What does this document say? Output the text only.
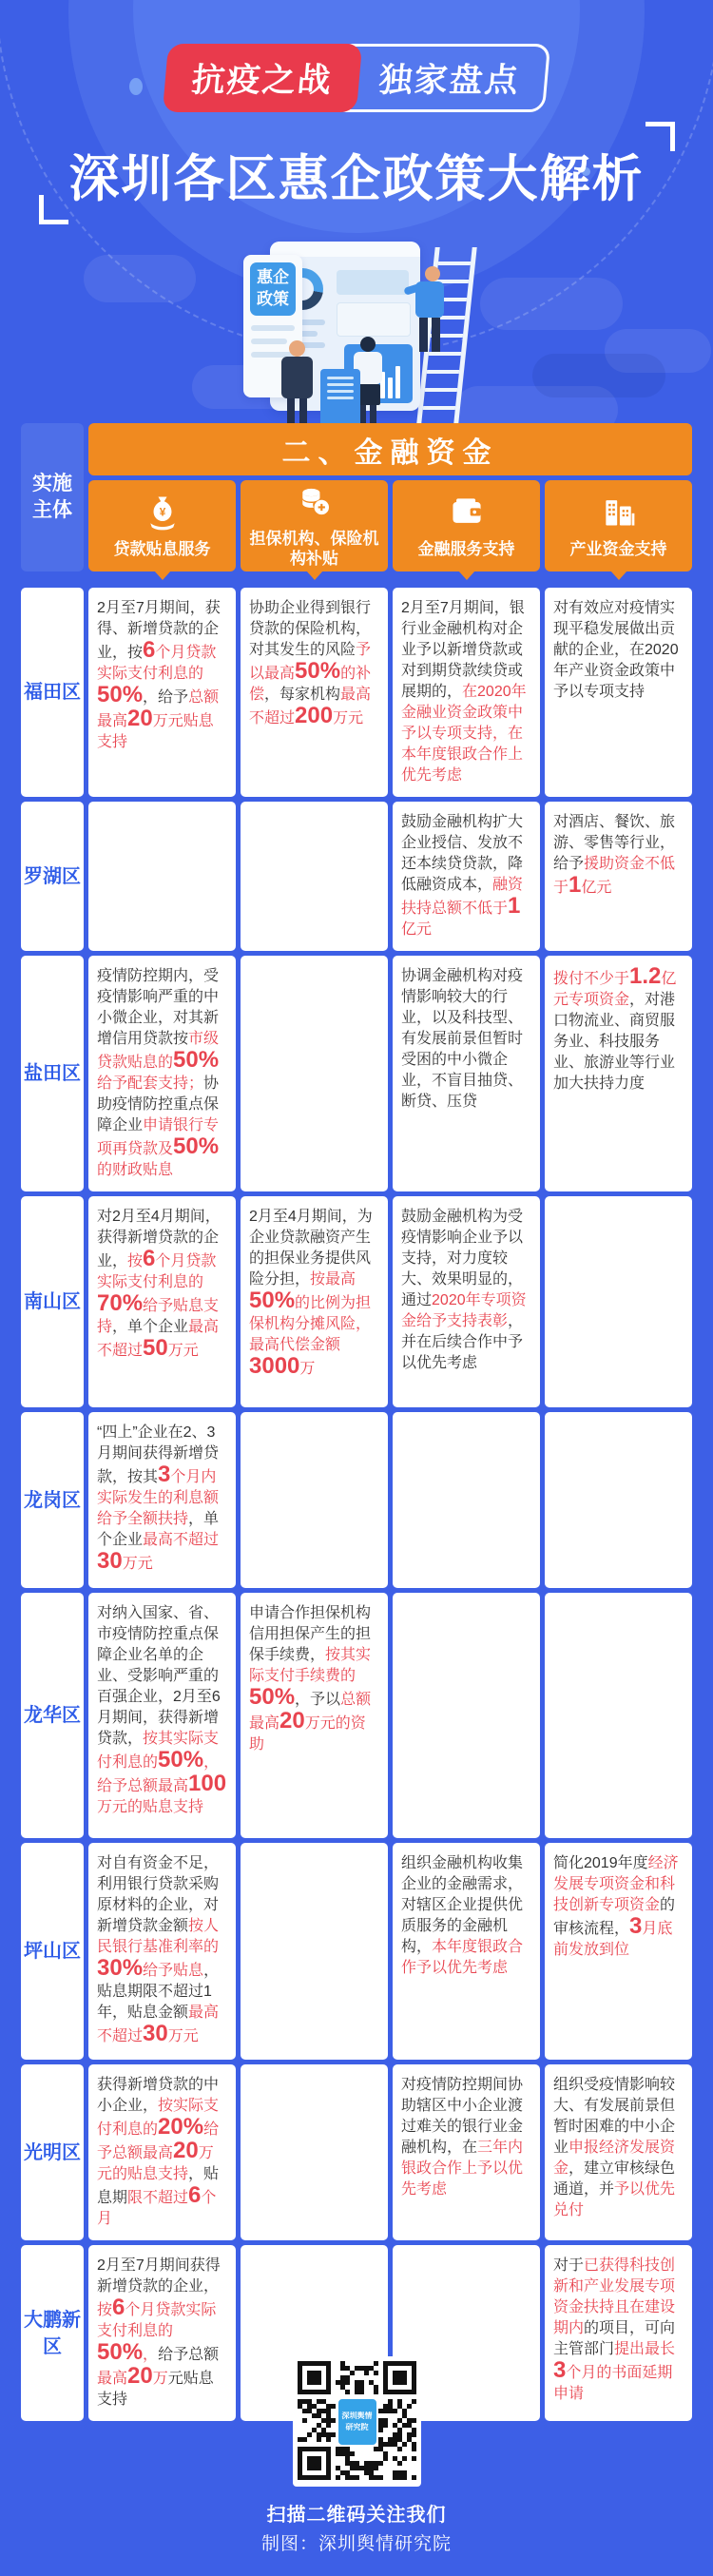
抗疫之战	独家盘点
深圳各区惠企政策大解析
惠企
政策
实施
主体
二、金融资金
¥
贷款贴息服务
担保机构、保险机构补贴
金融服务支持	产业资金支持
福田区
2月至7月期间，获得、新增贷款的企业，按6个月贷款实际支付利息的50%，给予总额最高20万元贴息支持
协助企业得到银行贷款的保险机构，对其发生的风险予以最高50%的补偿，每家机构最高不超过200万元
2月至7月期间，银行业金融机构对企业予以新增贷款或对到期贷款续贷或展期的，在2020年金融业资金政策中予以专项支持，在本年度银政合作上优先考虑
对有效应对疫情实现平稳发展做出贡献的企业，在2020年产业资金政策中予以专项支持
罗湖区
鼓励金融机构扩大企业授信、发放不还本续贷贷款，降低融资成本，融资扶持总额不低于1亿元
对酒店、餐饮、旅游、零售等行业，给予援助资金不低于1亿元
盐田区
疫情防控期内，受疫情影响严重的中小微企业，对其新增信用贷款按市级贷款贴息的50%给予配套支持；协助疫情防控重点保障企业申请银行专项再贷款及50%的财政贴息
协调金融机构对疫情影响较大的行业，以及科技型、有发展前景但暂时受困的中小微企业，不盲目抽贷、断贷、压贷
拨付不少于1.2亿元专项资金，对港口物流业、商贸服务业、科技服务业、旅游业等行业加大扶持力度
南山区
对2月至4月期间，获得新增贷款的企业，按6个月贷款实际支付利息的70%给予贴息支持，单个企业最高不超过50万元
2月至4月期间，为企业贷款融资产生的担保业务提供风险分担，按最高50%的比例为担保机构分摊风险，最高代偿金额3000万
鼓励金融机构为受疫情影响企业予以支持，对力度较大、效果明显的，通过2020年专项资金给予支持表彰，并在后续合作中予以优先考虑
龙岗区
“四上”企业在2、3月期间获得新增贷款，按其3个月内实际发生的利息额给予全额扶持，单个企业最高不超过30万元
龙华区
对纳入国家、省、市疫情防控重点保障企业名单的企业、受影响严重的百强企业，2月至6月期间，获得新增贷款，按其实际支付利息的50%，给予总额最高100万元的贴息支持
申请合作担保机构信用担保产生的担保手续费，按其实际支付手续费的50%，予以总额最高20万元的资助
坪山区
对自有资金不足，利用银行贷款采购原材料的企业，对新增贷款金额按人民银行基准利率的30%给予贴息，贴息期限不超过1年，贴息金额最高不超过30万元
组织金融机构收集企业的金融需求，对辖区企业提供优质服务的金融机构，本年度银政合作予以优先考虑
简化2019年度经济发展专项资金和科技创新专项资金的审核流程，3月底前发放到位
光明区
获得新增贷款的中小企业，按实际支付利息的20%给予总额最高20万元的贴息支持，贴息期限不超过6个月
对疫情防控期间协助辖区中小企业渡过难关的银行业金融机构，在三年内银政合作上予以优先考虑
组织受疫情影响较大、有发展前景但暂时困难的中小企业申报经济发展资金，建立审核绿色通道，并予以优先兑付
大鹏新区
2月至7月期间获得新增贷款的企业，按6个月贷款实际支付利息的50%，给予总额最高20万元贴息支持
对于已获得科技创新和产业发展专项资金扶持且在建设期内的项目，可向主管部门提出最长3个月的书面延期申请
深圳舆情
研究院
扫描二维码关注我们
制图：深圳舆情研究院
